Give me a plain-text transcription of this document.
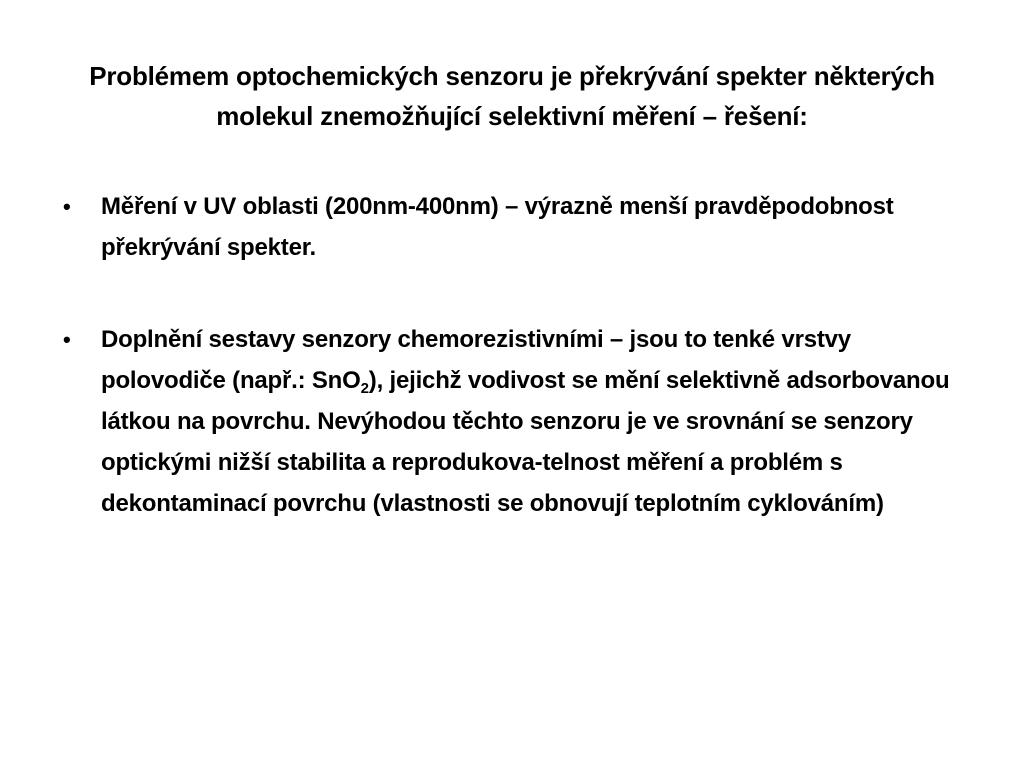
Problémem optochemických senzoru je překrývání spekter některých molekul znemožňující selektivní měření – řešení:
• Měření v UV oblasti (200nm-400nm) – výrazně menší pravděpodobnost překrývání spekter.
• Doplnění sestavy senzory chemorezistivními – jsou to tenké vrstvy polovodiče (např.: SnO$_2$), jejichž vodivost se mění selektivně adsorbovanou látkou na povrchu. Nevýhodou těchto senzoru je ve srovnání se senzory optickými nižší stabilita a reprodukova-telnost měření a problém s dekontaminací povrchu (vlastnosti se obnovují teplotním cyklováním)
